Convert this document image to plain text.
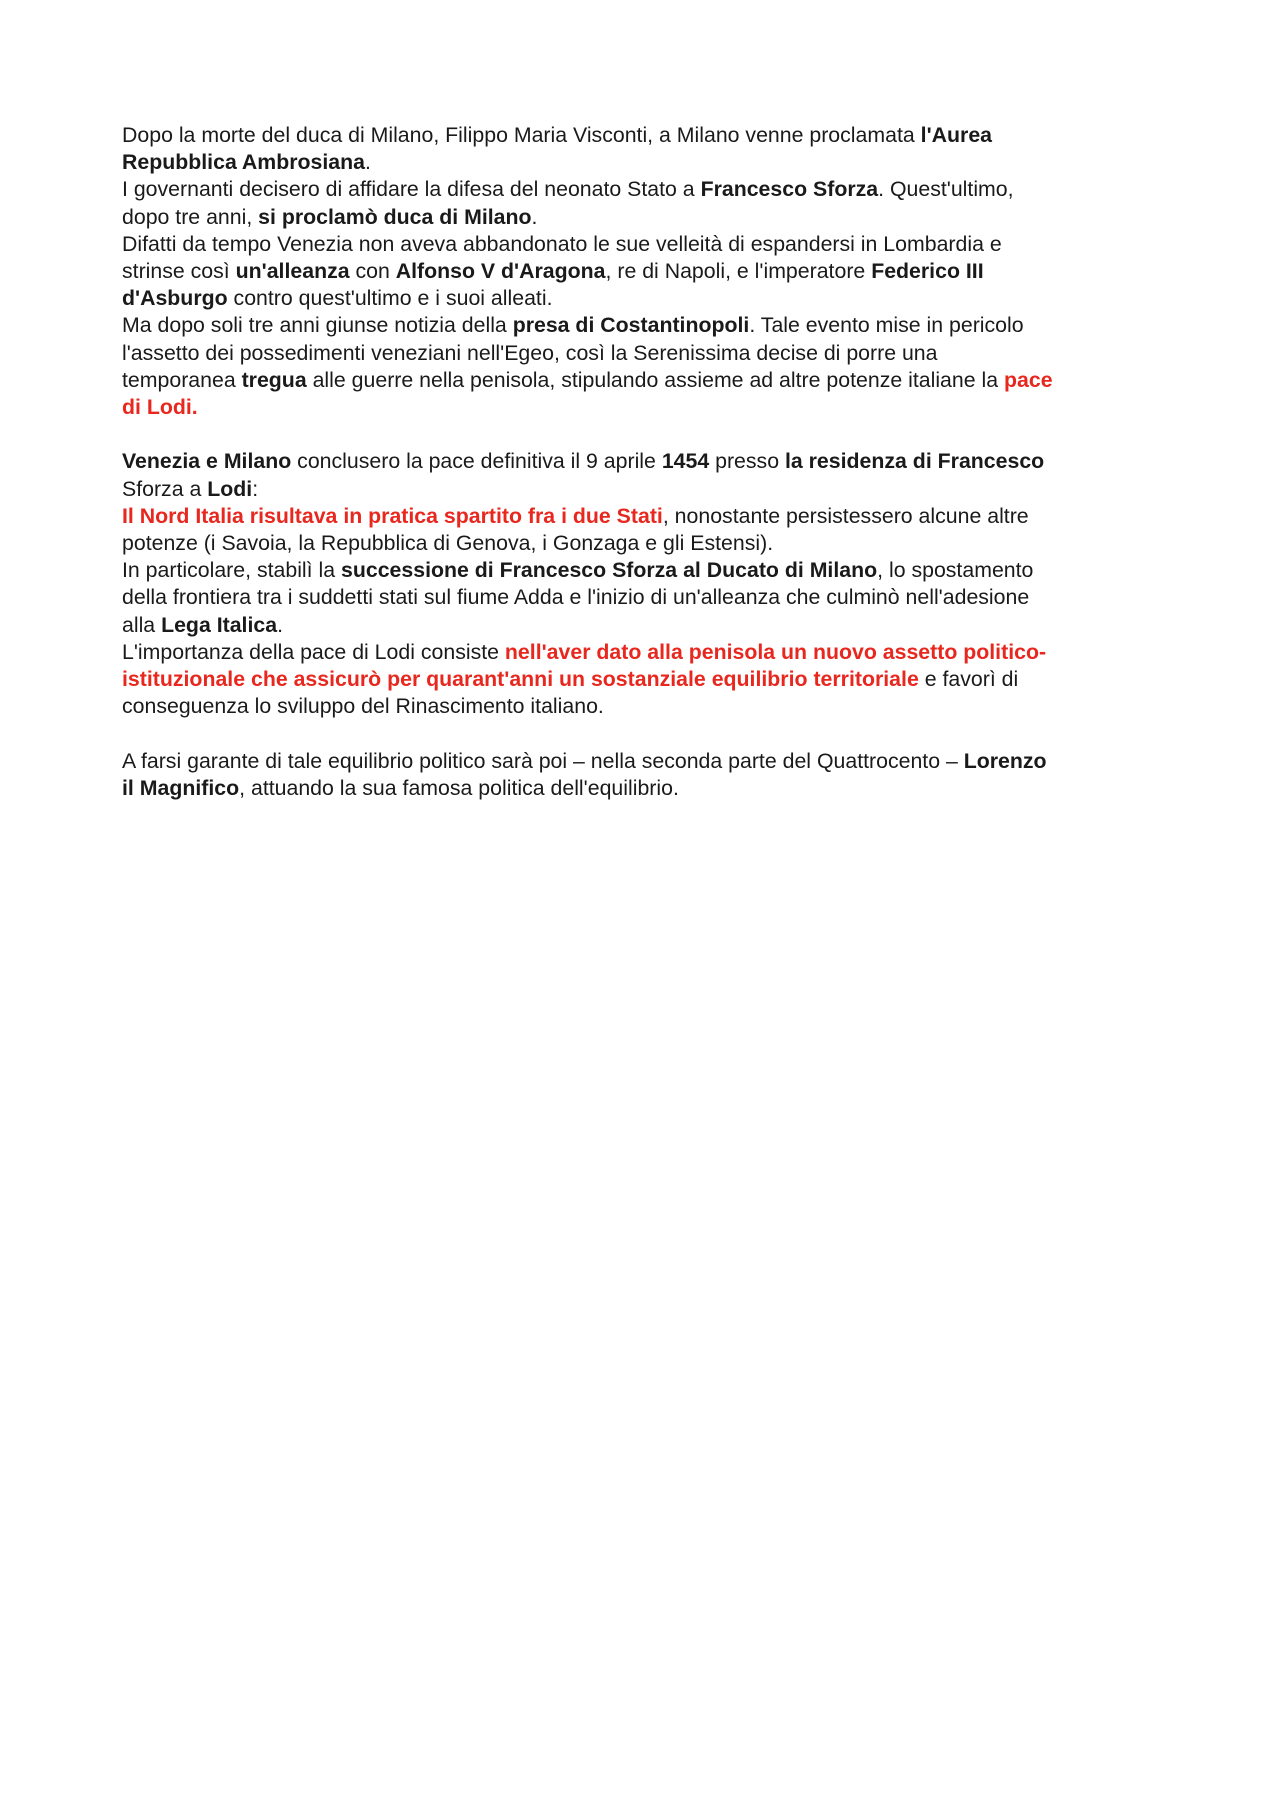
Dopo la morte del duca di Milano, Filippo Maria Visconti, a Milano venne proclamata l'Aurea
Repubblica Ambrosiana.
I governanti decisero di affidare la difesa del neonato Stato a Francesco Sforza. Quest'ultimo,
dopo tre anni, si proclamò duca di Milano.
Difatti da tempo Venezia non aveva abbandonato le sue velleità di espandersi in Lombardia e
strinse così un'alleanza con Alfonso V d'Aragona, re di Napoli, e l'imperatore Federico III
d'Asburgo contro quest'ultimo e i suoi alleati.
Ma dopo soli tre anni giunse notizia della presa di Costantinopoli. Tale evento mise in pericolo
l'assetto dei possedimenti veneziani nell'Egeo, così la Serenissima decise di porre una
temporanea tregua alle guerre nella penisola, stipulando assieme ad altre potenze italiane la pace
di Lodi.
Venezia e Milano conclusero la pace definitiva il 9 aprile 1454 presso la residenza di Francesco
Sforza a Lodi:
Il Nord Italia risultava in pratica spartito fra i due Stati, nonostante persistessero alcune altre
potenze (i Savoia, la Repubblica di Genova, i Gonzaga e gli Estensi).
In particolare, stabilì la successione di Francesco Sforza al Ducato di Milano, lo spostamento
della frontiera tra i suddetti stati sul fiume Adda e l'inizio di un'alleanza che culminò nell'adesione
alla Lega Italica.
L'importanza della pace di Lodi consiste nell'aver dato alla penisola un nuovo assetto politico-
istituzionale che assicurò per quarant'anni un sostanziale equilibrio territoriale e favorì di
conseguenza lo sviluppo del Rinascimento italiano.
A farsi garante di tale equilibrio politico sarà poi – nella seconda parte del Quattrocento – Lorenzo
il Magnifico, attuando la sua famosa politica dell'equilibrio.
